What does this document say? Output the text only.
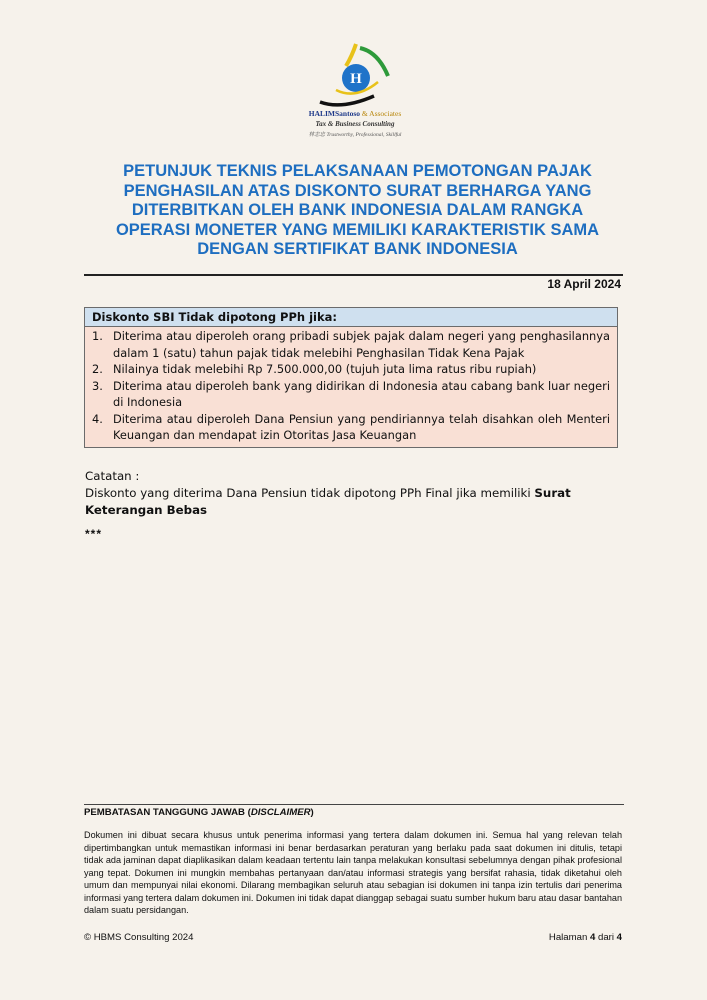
H
HALIMSantoso & Associates
Tax & Business Consulting
林志忠 Trustworthy, Professional, Skillful
PETUNJUK TEKNIS PELAKSANAAN PEMOTONGAN PAJAK PENGHASILAN ATAS DISKONTO SURAT BERHARGA YANG DITERBITKAN OLEH BANK INDONESIA DALAM RANGKA OPERASI MONETER YANG MEMILIKI KARAKTERISTIK SAMA DENGAN SERTIFIKAT BANK INDONESIA
18 April 2024
Diskonto SBI Tidak dipotong PPh jika:
1. Diterima atau diperoleh orang pribadi subjek pajak dalam negeri yang penghasilannya dalam 1 (satu) tahun pajak tidak melebihi Penghasilan Tidak Kena Pajak
2. Nilainya tidak melebihi Rp 7.500.000,00 (tujuh juta lima ratus ribu rupiah)
3. Diterima atau diperoleh bank yang didirikan di Indonesia atau cabang bank luar negeri di Indonesia
4. Diterima atau diperoleh Dana Pensiun yang pendiriannya telah disahkan oleh Menteri Keuangan dan mendapat izin Otoritas Jasa Keuangan
Catatan :
Diskonto yang diterima Dana Pensiun tidak dipotong PPh Final jika memiliki Surat Keterangan Bebas
***
PEMBATASAN TANGGUNG JAWAB (DISCLAIMER)

Dokumen ini dibuat secara khusus untuk penerima informasi yang tertera dalam dokumen ini. Semua hal yang relevan telah dipertimbangkan untuk memastikan informasi ini benar berdasarkan peraturan yang berlaku pada saat dokumen ini ditulis, tetapi tidak ada jaminan dapat diaplikasikan dalam keadaan tertentu lain tanpa melakukan konsultasi sebelumnya dengan pihak profesional yang tepat. Dokumen ini mungkin membahas pertanyaan dan/atau informasi strategis yang bersifat rahasia, tidak diketahui oleh umum dan mempunyai nilai ekonomi. Dilarang membagikan seluruh atau sebagian isi dokumen ini tanpa izin tertulis dari penerima informasi yang tertera dalam dokumen ini. Dokumen ini tidak dapat dianggap sebagai suatu sumber hukum baru atau dasar bantahan dalam suatu persidangan.

© HBMS Consulting 2024	Halaman 4 dari 4
